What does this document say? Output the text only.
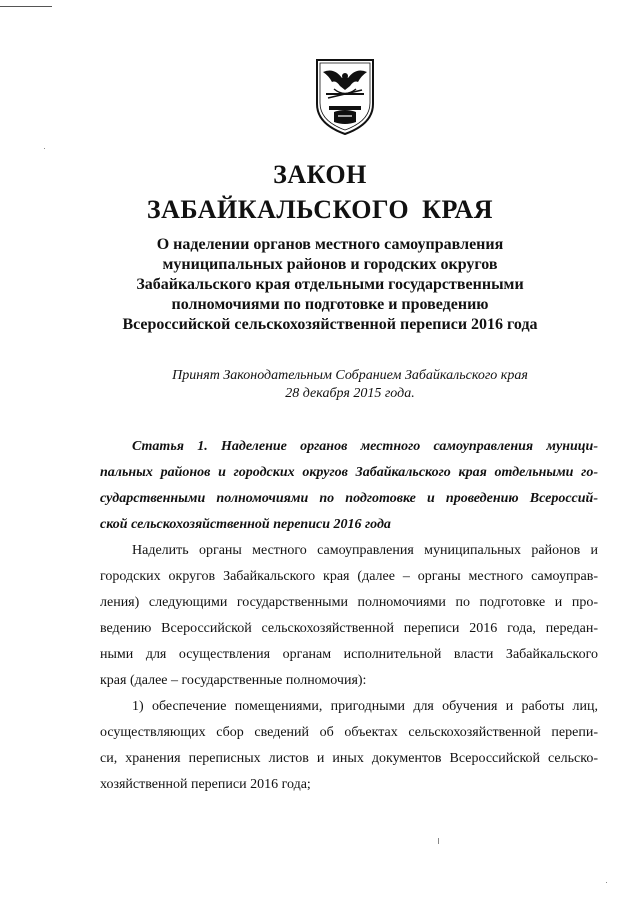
ЗАКОН
ЗАБАЙКАЛЬСКОГО КРАЯ
О наделении органов местного самоуправления
муниципальных районов и городских округов
Забайкальского края отдельными государственными
полномочиями по подготовке и проведению
Всероссийской сельскохозяйственной переписи 2016 года
Принят Законодательным Собранием Забайкальского края
28 декабря 2015 года.
Статья 1. Наделение органов местного самоуправления муници-
пальных районов и городских округов Забайкальского края отдельными го-
сударственными полномочиями по подготовке и проведению Всероссий-
ской сельскохозяйственной переписи 2016 года
Наделить органы местного самоуправления муниципальных районов и
городских округов Забайкальского края (далее – органы местного самоуправ-
ления) следующими государственными полномочиями по подготовке и про-
ведению Всероссийской сельскохозяйственной переписи 2016 года, передан-
ными для осуществления органам исполнительной власти Забайкальского
края (далее – государственные полномочия):
1) обеспечение помещениями, пригодными для обучения и работы лиц,
осуществляющих сбор сведений об объектах сельскохозяйственной перепи-
си, хранения переписных листов и иных документов Всероссийской сельско-
хозяйственной переписи 2016 года;
